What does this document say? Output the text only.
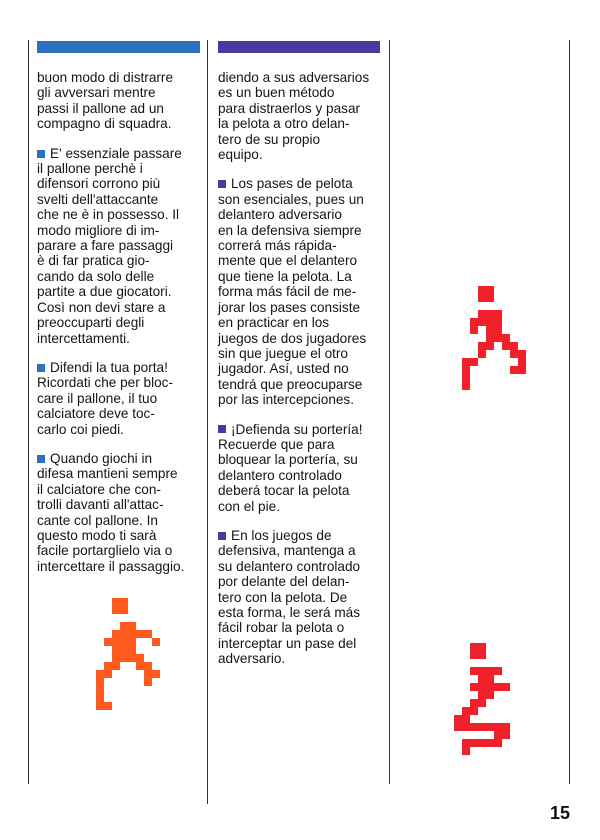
buon modo di distrarre
gli avversari mentre
passi il pallone ad un
compagno di squadra.

E' essenziale passare
il pallone perchè i
difensori corrono più
svelti dell'attaccante
che ne è in possesso. Il
modo migliore di im-
parare a fare passaggi
è di far pratica gio-
cando da solo delle
partite a due giocatori.
Così non devi stare a
preoccuparti degli
intercettamenti.

Difendi la tua porta!
Ricordati che per bloc-
care il pallone, il tuo
calciatore deve toc-
carlo coi piedi.

Quando giochi in
difesa mantieni sempre
il calciatore che con-
trolli davanti all'attac-
cante col pallone. In
questo modo ti sarà
facile portarglielo via o
intercettare il passaggio.

diendo a sus adversarios
es un buen método
para distraerlos y pasar
la pelota a otro delan-
tero de su propio
equipo.

Los pases de pelota
son esenciales, pues un
delantero adversario
en la defensiva siempre
correrá más rápida-
mente que el delantero
que tiene la pelota. La
forma más fácil de me-
jorar los pases consiste
en practicar en los
juegos de dos jugadores
sin que juegue el otro
jugador. Así, usted no
tendrá que preocuparse
por las intercepciones.

¡Defienda su portería!
Recuerde que para
bloquear la portería, su
delantero controlado
deberá tocar la pelota
con el pie.

En los juegos de
defensiva, mantenga a
su delantero controlado
por delante del delan-
tero con la pelota. De
esta forma, le será más
fácil robar la pelota o
interceptar un pase del
adversario.

15
